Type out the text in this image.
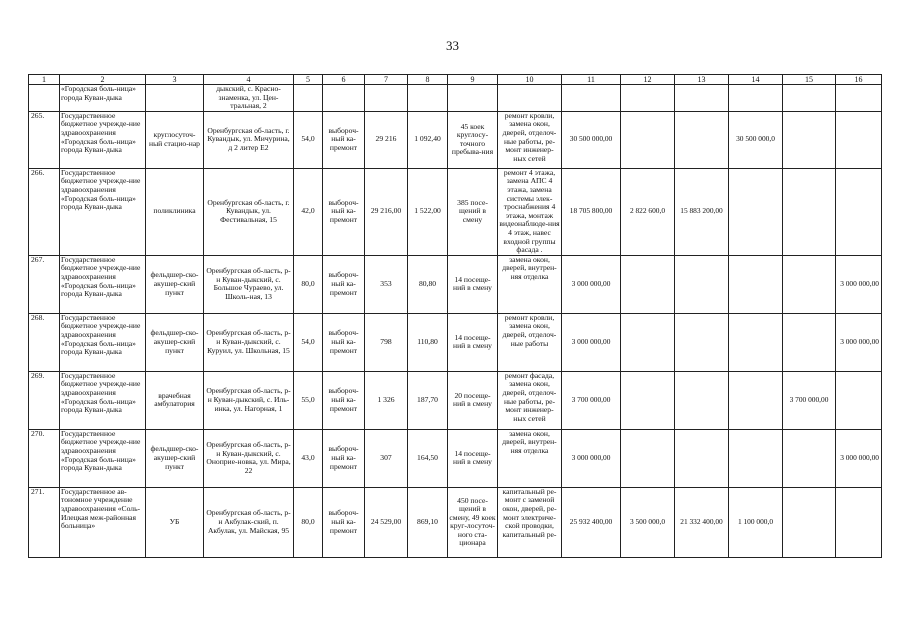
33
1	2	3	4	5	6	7	8	9	10	11	12	13	14	15	16
	«Городская боль-ница» города Куван-дыка		дыкский, с. Красно-знаменка, ул. Цен-тральная, 2												
265.	Государственное бюджетное учрежде-ние здравоохранения «Городская боль-ница» города Куван-дыка	круглосуточ-ный стацио-нар	Оренбургская об-ласть, г. Кувандык, ул. Мичурина, д 2 литер Е2	54,0	выбороч-ный ка-премонт	29 216	1 092,40	45 коек круглосу-точного пребыва-ния	ремонт кровли, замена окон, дверей, отделоч-ные работы, ре-монт инженер-ных сетей	30 500 000,00			30 500 000,0		
266.	Государственное бюджетное учрежде-ние здравоохранения «Городская боль-ница» города Куван-дыка	поликлиника	Оренбургская об-ласть, г. Кувандык, ул. Фестивальная, 15	42,0	выбороч-ный ка-премонт	29 216,00	1 522,00	385 посе-щений в смену	ремонт 4 этажа, замена АПС 4 этажа, замена системы элек-троснабжения 4 этажа, монтаж видеонаблюде-ния 4 этаж, навес входной группы фасада .	18 705 800,00	2 822 600,0	15 883 200,00			
267.	Государственное бюджетное учрежде-ние здравоохранения «Городская боль-ница» города Куван-дыка	фельдшер-ско-акушер-ский пункт	Оренбургская об-ласть, р-н Куван-дыкский, с. Большое Чураево, ул. Школь-ная, 13	80,0	выбороч-ный ка-премонт	353	80,80	14 посеще-ний в смену	замена окон, дверей, внутрен-няя отделка	3 000 000,00					3 000 000,00
268.	Государственное бюджетное учрежде-ние здравоохранения «Городская боль-ница» города Куван-дыка	фельдшер-ско-акушер-ский пункт	Оренбургская об-ласть, р-н Куван-дыкский, с. Куруил, ул. Школьная, 15	54,0	выбороч-ный ка-премонт	798	110,80	14 посеще-ний в смену	ремонт кровли, замена окон, дверей, отделоч-ные работы	3 000 000,00					3 000 000,00
269.	Государственное бюджетное учрежде-ние здравоохранения «Городская боль-ница» города Куван-дыка	врачебная амбулатория	Оренбургская об-ласть, р-н Куван-дыкский, с. Иль-инка, ул. Нагорная, 1	55,0	выбороч-ный ка-премонт	1 326	187,70	20 посеще-ний в смену	ремонт фасада, замена окон, дверей, отделоч-ные работы, ре-монт инженер-ных сетей	3 700 000,00				3 700 000,00	
270.	Государственное бюджетное учрежде-ние здравоохранения «Городская боль-ница» города Куван-дыка	фельдшер-ско-акушер-ский пункт	Оренбургская об-ласть, р-н Куван-дыкский, с. Оноприе-новка, ул. Мира, 22	43,0	выбороч-ный ка-премонт	307	164,50	14 посеще-ний в смену	замена окон, дверей, внутрен-няя отделка	3 000 000,00					3 000 000,00
271.	Государственное ав-тономное учреждение здравоохранения «Соль-Илецкая меж-районная больница»	УБ	Оренбургская об-ласть, р-н Акбулак-ский, п. Акбулак, ул. Майская, 95	80,0	выбороч-ный ка-премонт	24 529,00	869,10	450 посе-щений в смену, 49 коек круг-лосуточ-ного ста-ционара	капитальный ре-монт с заменой окон, дверей, ре-монт электриче-ской проводки, капитальный ре-	25 932 400,00	3 500 000,0	21 332 400,00	1 100 000,0		
